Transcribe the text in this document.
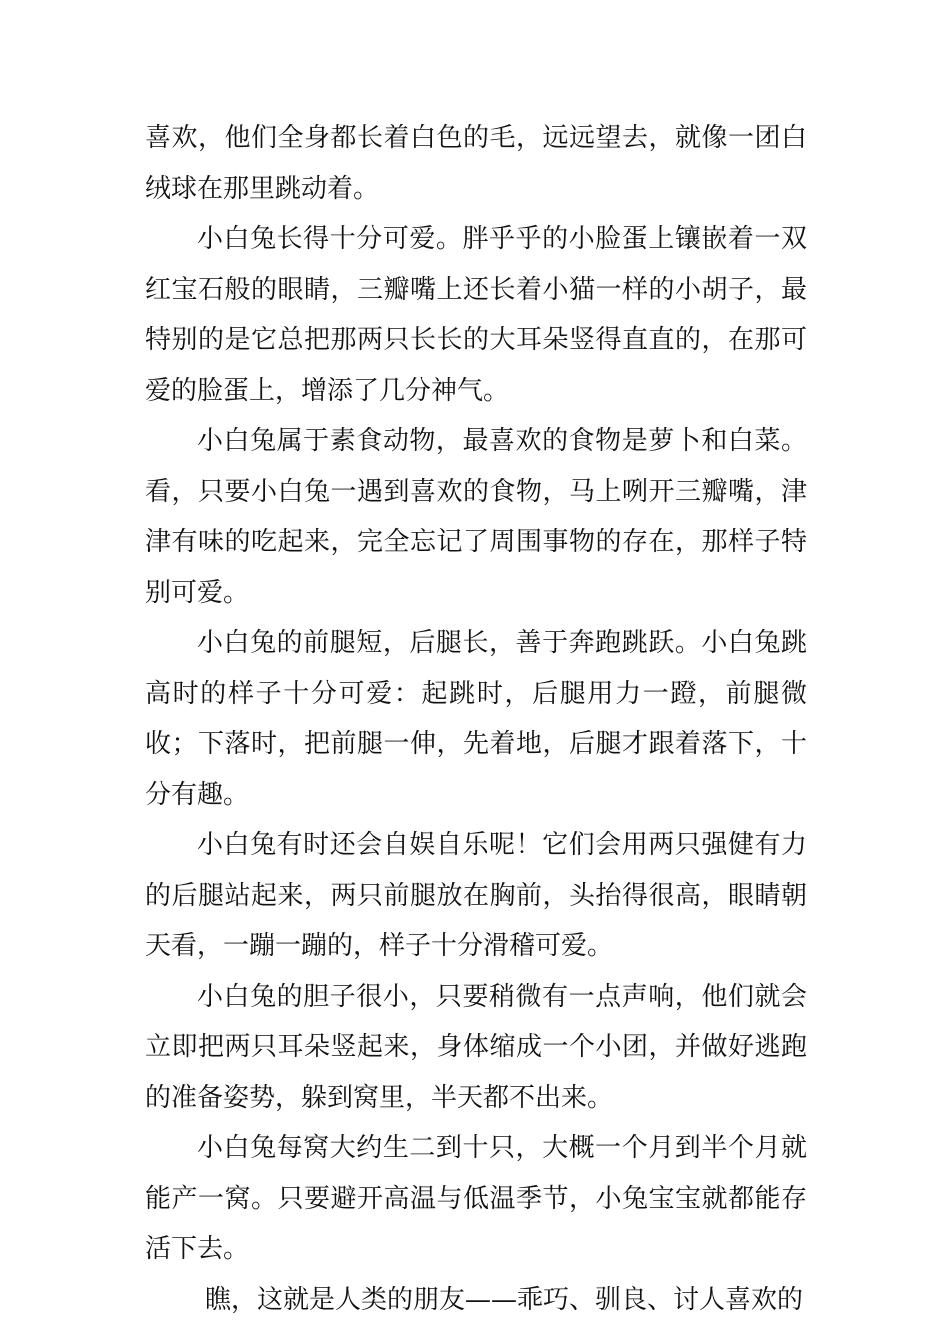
喜欢，他们全身都长着白色的毛，远远望去，就像一团白绒球在那里跳动着。

小白兔长得十分可爱。胖乎乎的小脸蛋上镶嵌着一双红宝石般的眼睛，三瓣嘴上还长着小猫一样的小胡子，最特别的是它总把那两只长长的大耳朵竖得直直的，在那可爱的脸蛋上，增添了几分神气。

小白兔属于素食动物，最喜欢的食物是萝卜和白菜。看，只要小白兔一遇到喜欢的食物，马上咧开三瓣嘴，津津有味的吃起来，完全忘记了周围事物的存在，那样子特别可爱。

小白兔的前腿短，后腿长，善于奔跑跳跃。小白兔跳高时的样子十分可爱：起跳时，后腿用力一蹬，前腿微收；下落时，把前腿一伸，先着地，后腿才跟着落下，十分有趣。

小白兔有时还会自娱自乐呢！它们会用两只强健有力的后腿站起来，两只前腿放在胸前，头抬得很高，眼睛朝天看，一蹦一蹦的，样子十分滑稽可爱。

小白兔的胆子很小，只要稍微有一点声响，他们就会立即把两只耳朵竖起来，身体缩成一个小团，并做好逃跑的准备姿势，躲到窝里，半天都不出来。

小白兔每窝大约生二到十只，大概一个月到半个月就能产一窝。只要避开高温与低温季节，小兔宝宝就都能存活下去。

瞧，这就是人类的朋友——乖巧、驯良、讨人喜欢的
